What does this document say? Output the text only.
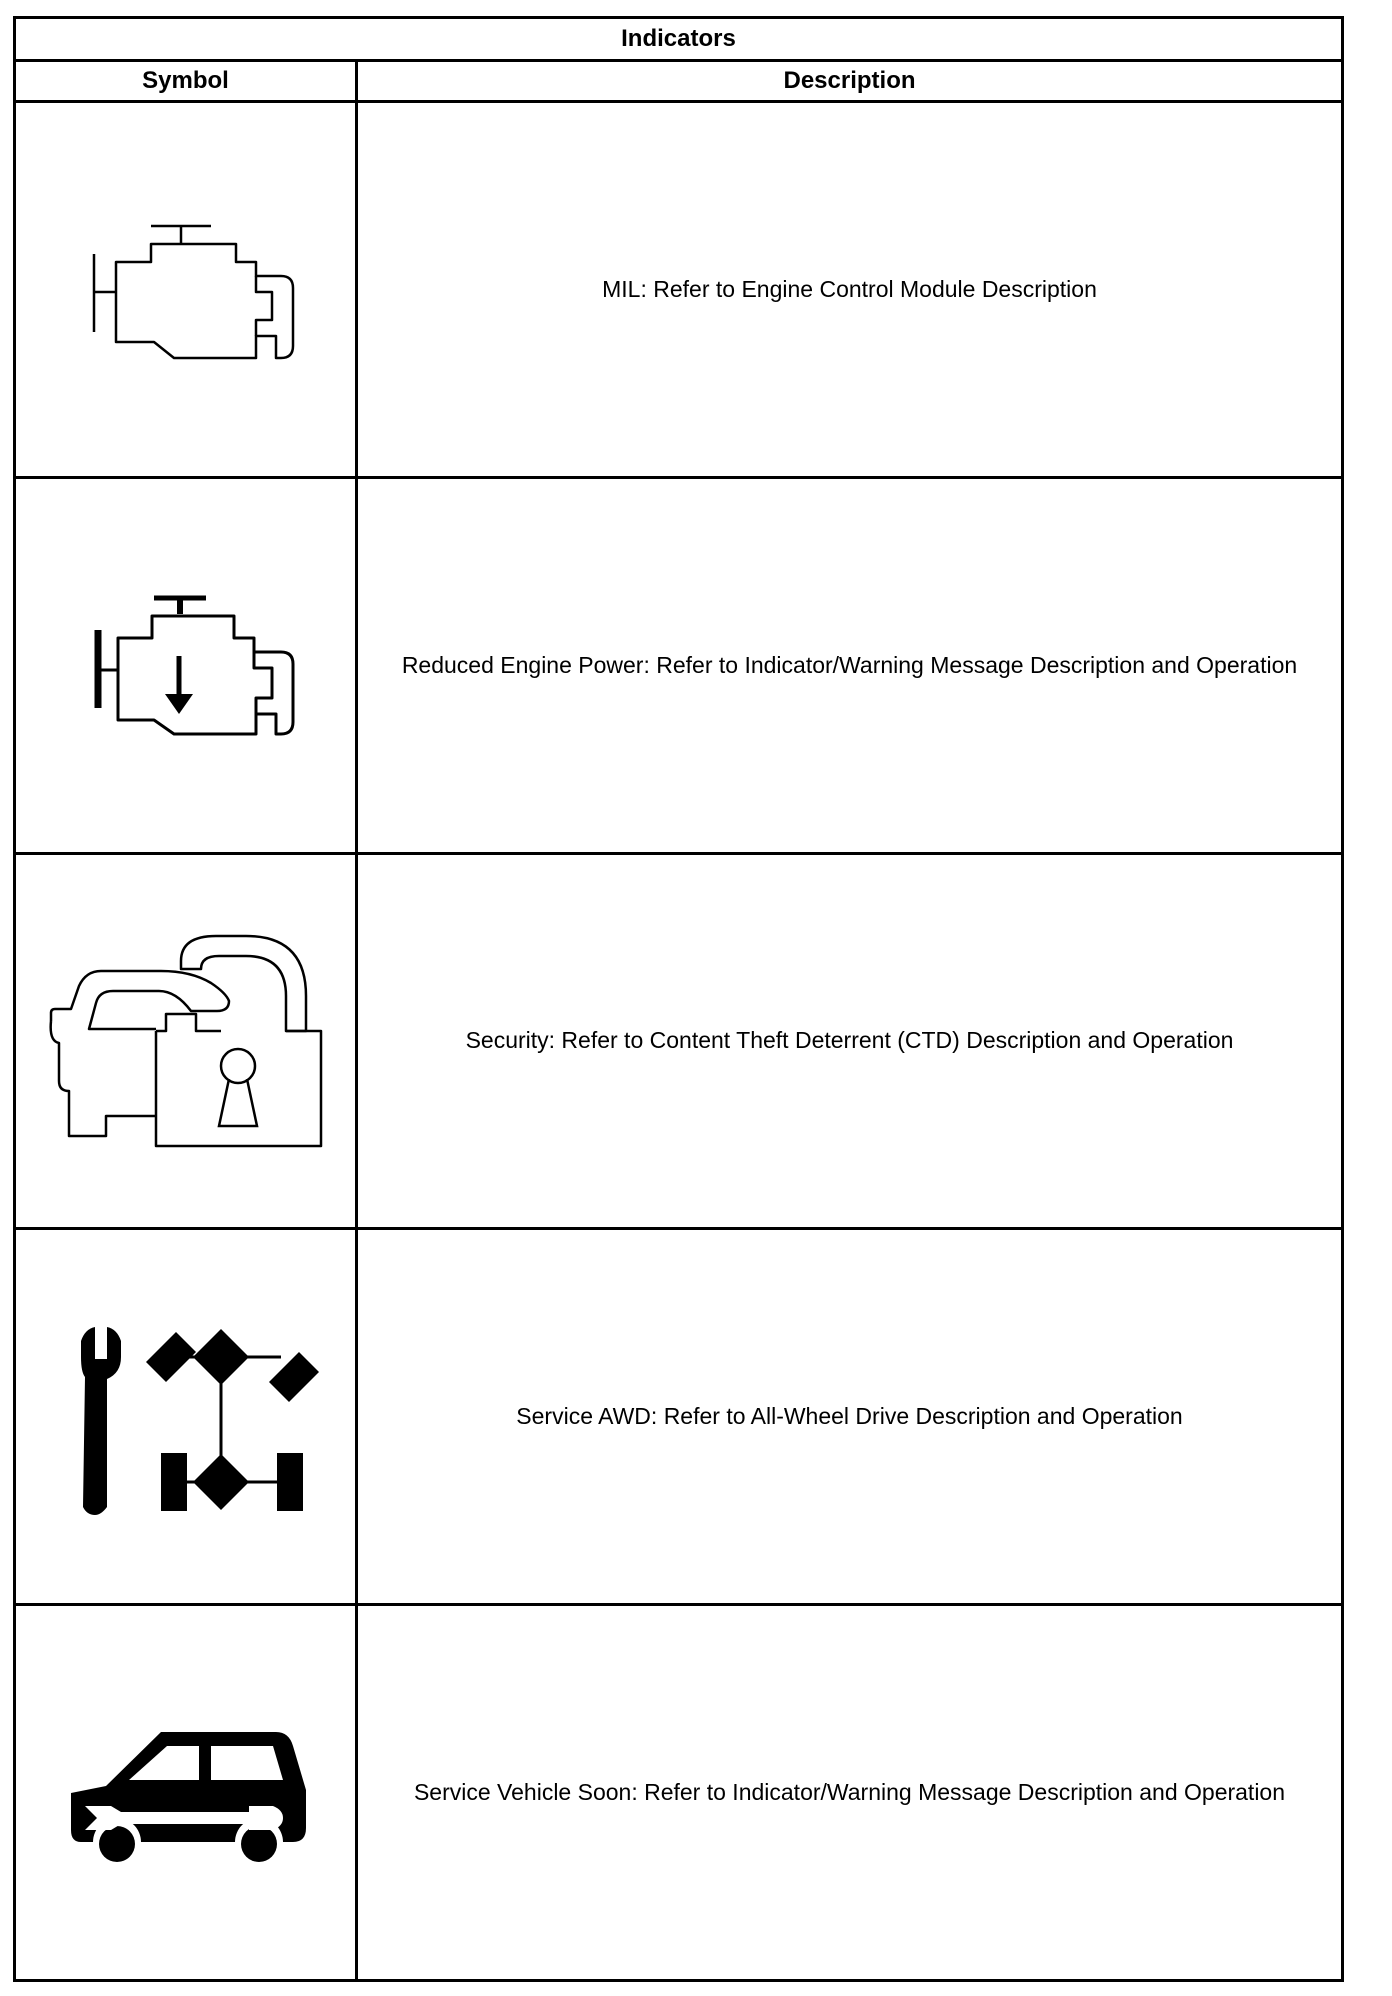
Indicators	
Symbol	Description

	MIL: Refer to Engine Control Module Description

	Reduced Engine Power: Refer to Indicator/Warning Message Description and Operation

	Security: Refer to Content Theft Deterrent (CTD) Description and Operation

	Service AWD: Refer to All-Wheel Drive Description and Operation

	Service Vehicle Soon: Refer to Indicator/Warning Message Description and Operation
